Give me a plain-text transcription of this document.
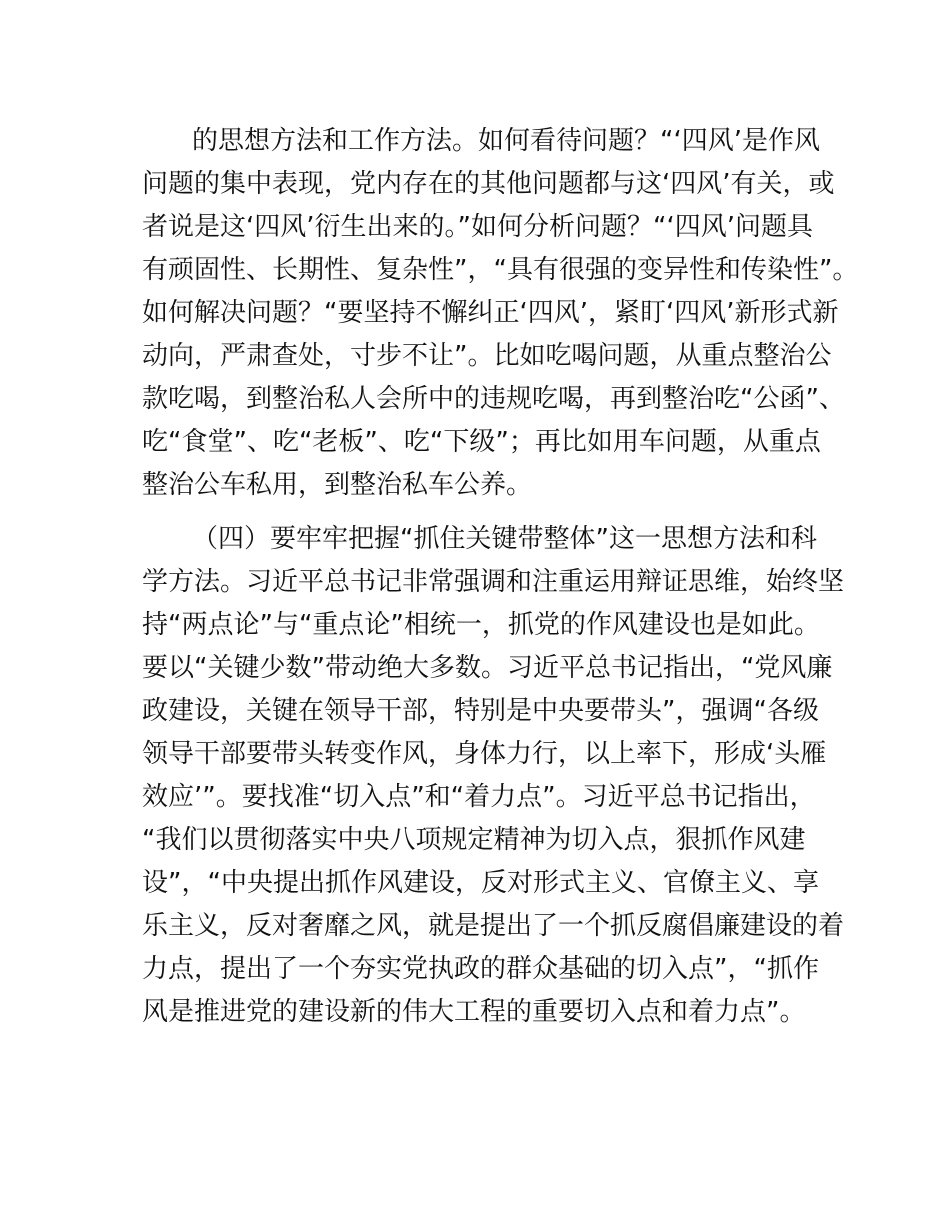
的思想方法和工作方法。如何看待问题？“‘四风’是作风
问题的集中表现，党内存在的其他问题都与这‘四风’有关，或
者说是这‘四风’衍生出来的。”如何分析问题？“‘四风’问题具
有顽固性、长期性、复杂性”，“具有很强的变异性和传染性”。
如何解决问题？“要坚持不懈纠正‘四风’，紧盯‘四风’新形式新
动向，严肃查处，寸步不让”。比如吃喝问题，从重点整治公
款吃喝，到整治私人会所中的违规吃喝，再到整治吃“公函”、
吃“食堂”、吃“老板”、吃“下级”；再比如用车问题，从重点
整治公车私用，到整治私车公养。
（四）要牢牢把握“抓住关键带整体”这一思想方法和科
学方法。习近平总书记非常强调和注重运用辩证思维，始终坚
持“两点论”与“重点论”相统一，抓党的作风建设也是如此。
要以“关键少数”带动绝大多数。习近平总书记指出，“党风廉
政建设，关键在领导干部，特别是中央要带头”，强调“各级
领导干部要带头转变作风，身体力行，以上率下，形成‘头雁
效应’”。要找准“切入点”和“着力点”。习近平总书记指出，
“我们以贯彻落实中央八项规定精神为切入点，狠抓作风建
设”，“中央提出抓作风建设，反对形式主义、官僚主义、享
乐主义，反对奢靡之风，就是提出了一个抓反腐倡廉建设的着
力点，提出了一个夯实党执政的群众基础的切入点”，“抓作
风是推进党的建设新的伟大工程的重要切入点和着力点”。
